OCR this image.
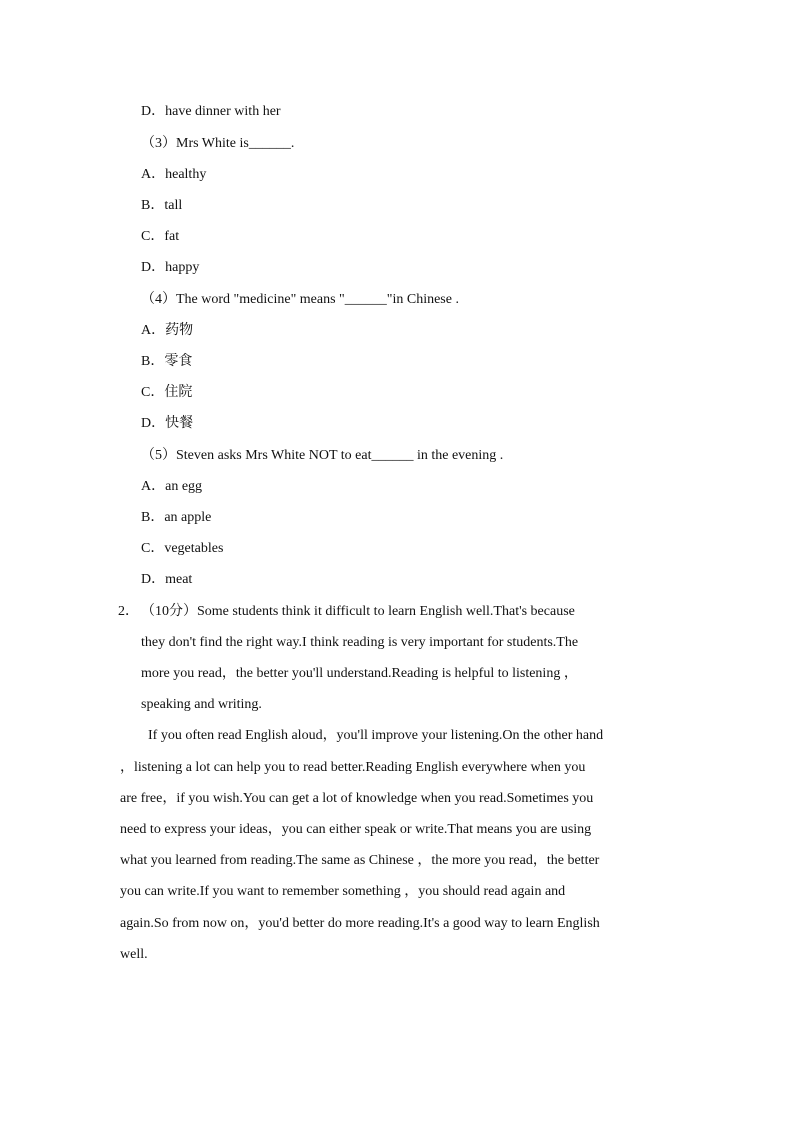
D．have dinner with her
（3）Mrs White is______.
A．healthy
B．tall
C．fat
D．happy
（4）The word "medicine" means "______"in Chinese .
A．药物
B．零食
C．住院
D．快餐
（5）Steven asks Mrs White NOT to eat______ in the evening .
A．an egg
B．an apple
C．vegetables
D．meat
2． （10分）Some students think it difficult to learn English well.That's because
they don't find the right way.I think reading is very important for students.The
more you read，the better you'll understand.Reading is helpful to listening ，
speaking and writing.
If you often read English aloud，you'll improve your listening.On the other hand
，listening a lot can help you to read better.Reading English everywhere when you
are free，if you wish.You can get a lot of knowledge when you read.Sometimes you
need to express your ideas，you can either speak or write.That means you are using
what you learned from reading.The same as Chinese ，the more you read，the better
you can write.If you want to remember something ，you should read again and
again.So from now on，you'd better do more reading.It's a good way to learn English
well.
